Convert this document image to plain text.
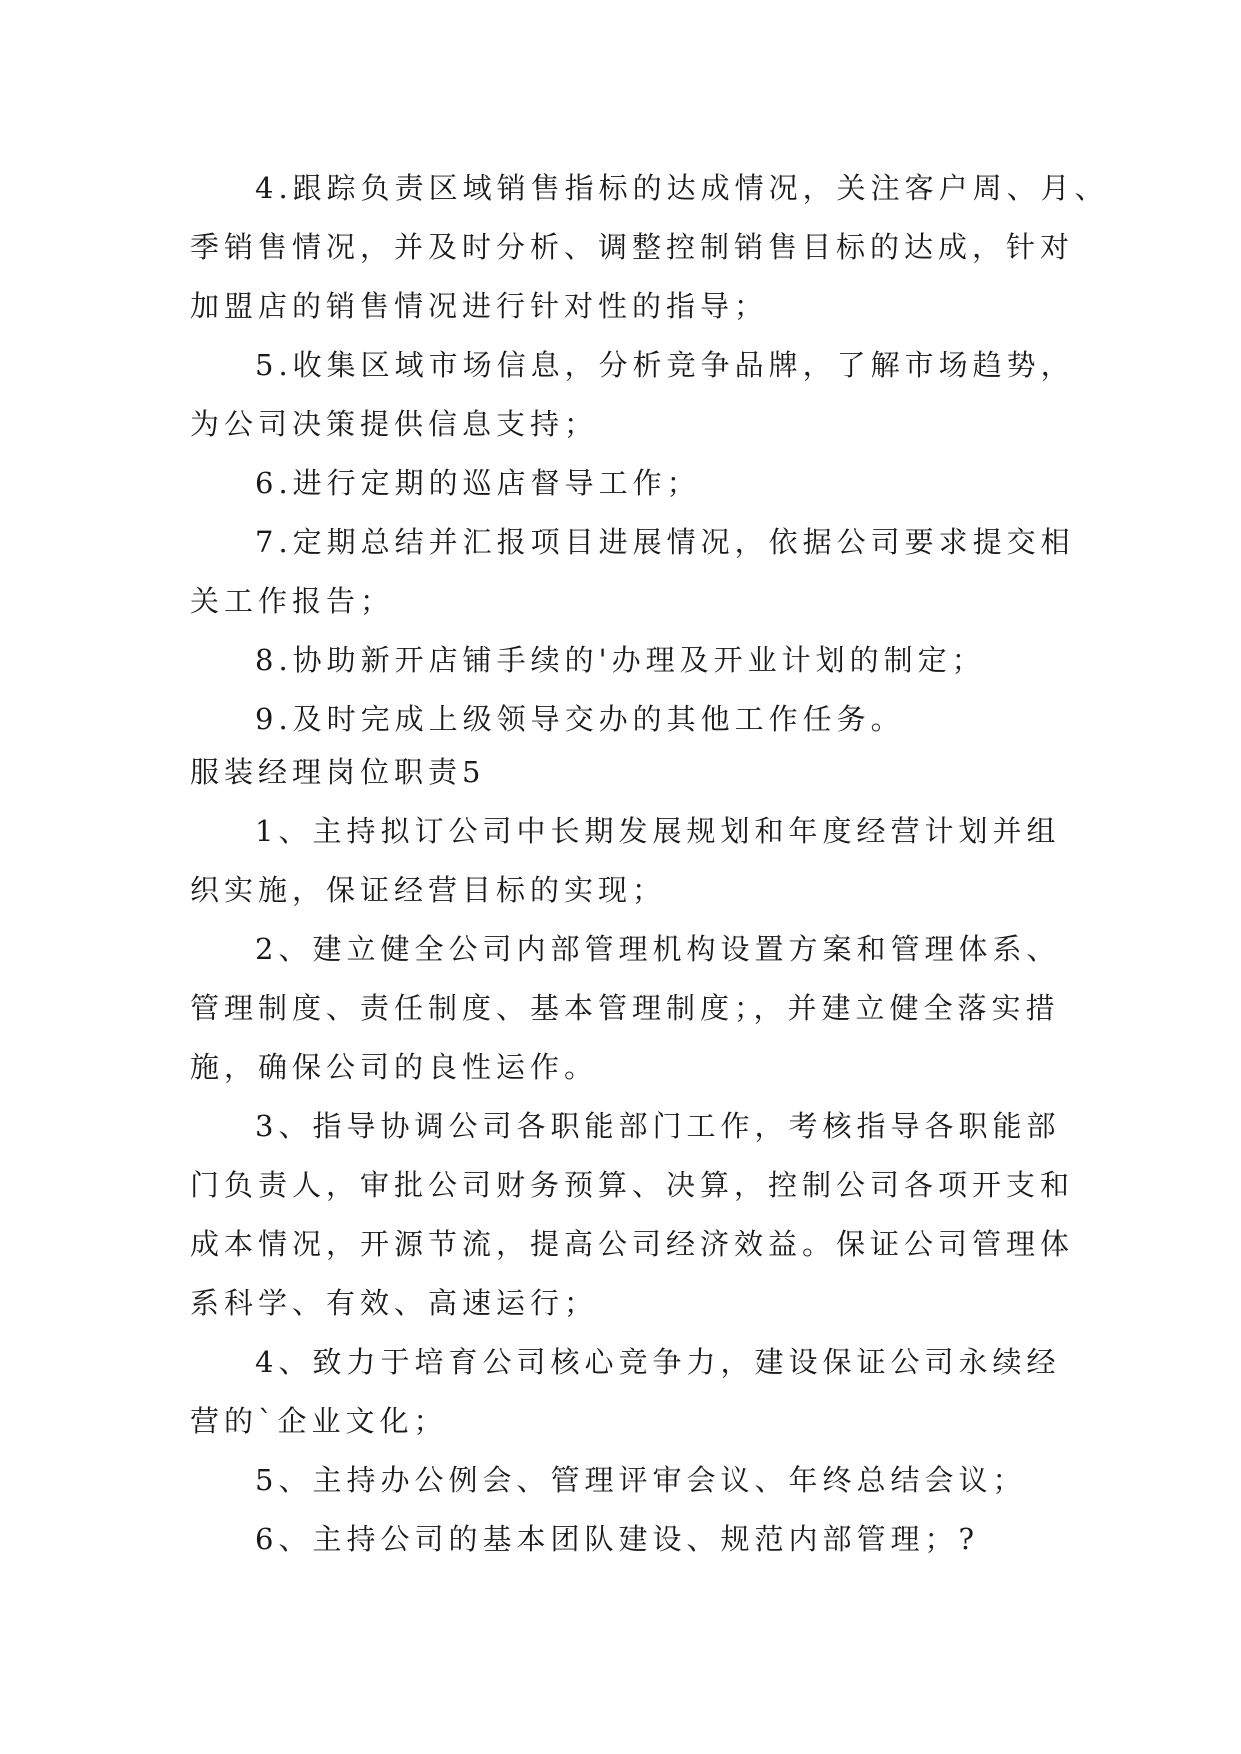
4.跟踪负责区域销售指标的达成情况，关注客户周、月、
季销售情况，并及时分析、调整控制销售目标的达成，针对
加盟店的销售情况进行针对性的指导；
5.收集区域市场信息，分析竞争品牌，了解市场趋势，
为公司决策提供信息支持；
6.进行定期的巡店督导工作；
7.定期总结并汇报项目进展情况，依据公司要求提交相
关工作报告；
8.协助新开店铺手续的'办理及开业计划的制定；
9.及时完成上级领导交办的其他工作任务。
服装经理岗位职责5
1、主持拟订公司中长期发展规划和年度经营计划并组
织实施，保证经营目标的实现；
2、建立健全公司内部管理机构设置方案和管理体系、
管理制度、责任制度、基本管理制度；，并建立健全落实措
施，确保公司的良性运作。
3、指导协调公司各职能部门工作，考核指导各职能部
门负责人，审批公司财务预算、决算，控制公司各项开支和
成本情况，开源节流，提高公司经济效益。保证公司管理体
系科学、有效、高速运行；
4、致力于培育公司核心竞争力，建设保证公司永续经
营的`企业文化；
5、主持办公例会、管理评审会议、年终总结会议；
6、主持公司的基本团队建设、规范内部管理；?
